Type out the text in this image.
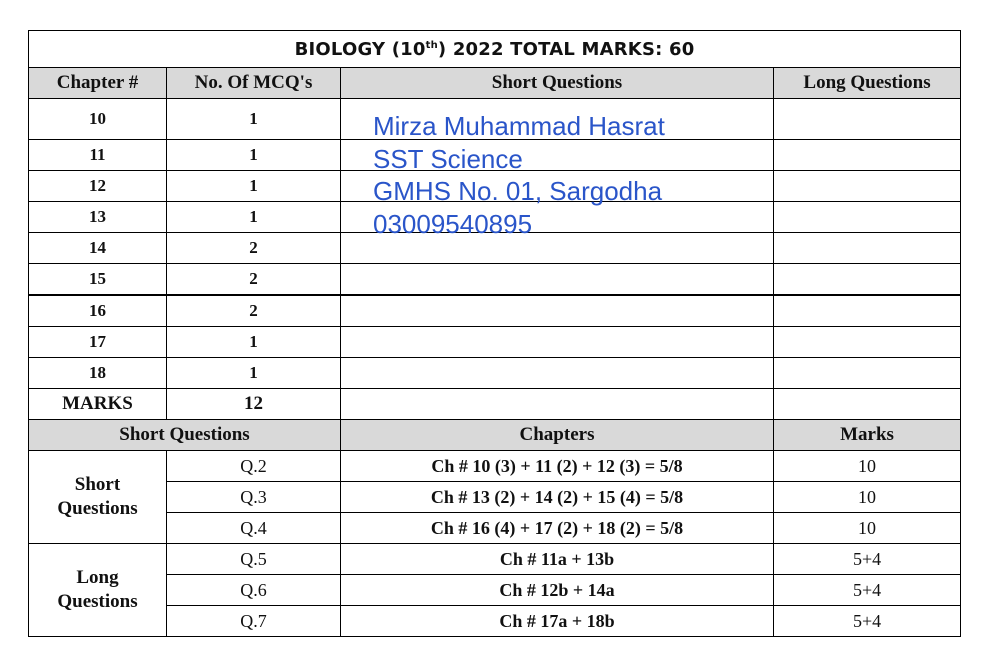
BIOLOGY (10th) 2022 TOTAL MARKS: 60			
Chapter #	No. Of MCQ's	Short Questions	Long Questions
10	1		
11	1		
12	1		
13	1		
14	2		
15	2		
16	2		
17	1		
18	1		
MARKS	12		
Short Questions		Chapters	Marks

Short
Questions	Q.2	Ch # 10 (3) + 11 (2) + 12 (3) = 5/8	10
	Q.3	Ch # 13 (2) + 14 (2) + 15 (4) = 5/8	10
	Q.4	Ch # 16 (4) + 17 (2) + 18 (2) = 5/8	10

Long
Questions	Q.5	Ch # 11a + 13b	5+4
	Q.6	Ch # 12b + 14a	5+4
	Q.7	Ch # 17a + 18b	5+4
Mirza Muhammad Hasrat
SST Science
GMHS No. 01, Sargodha
03009540895
